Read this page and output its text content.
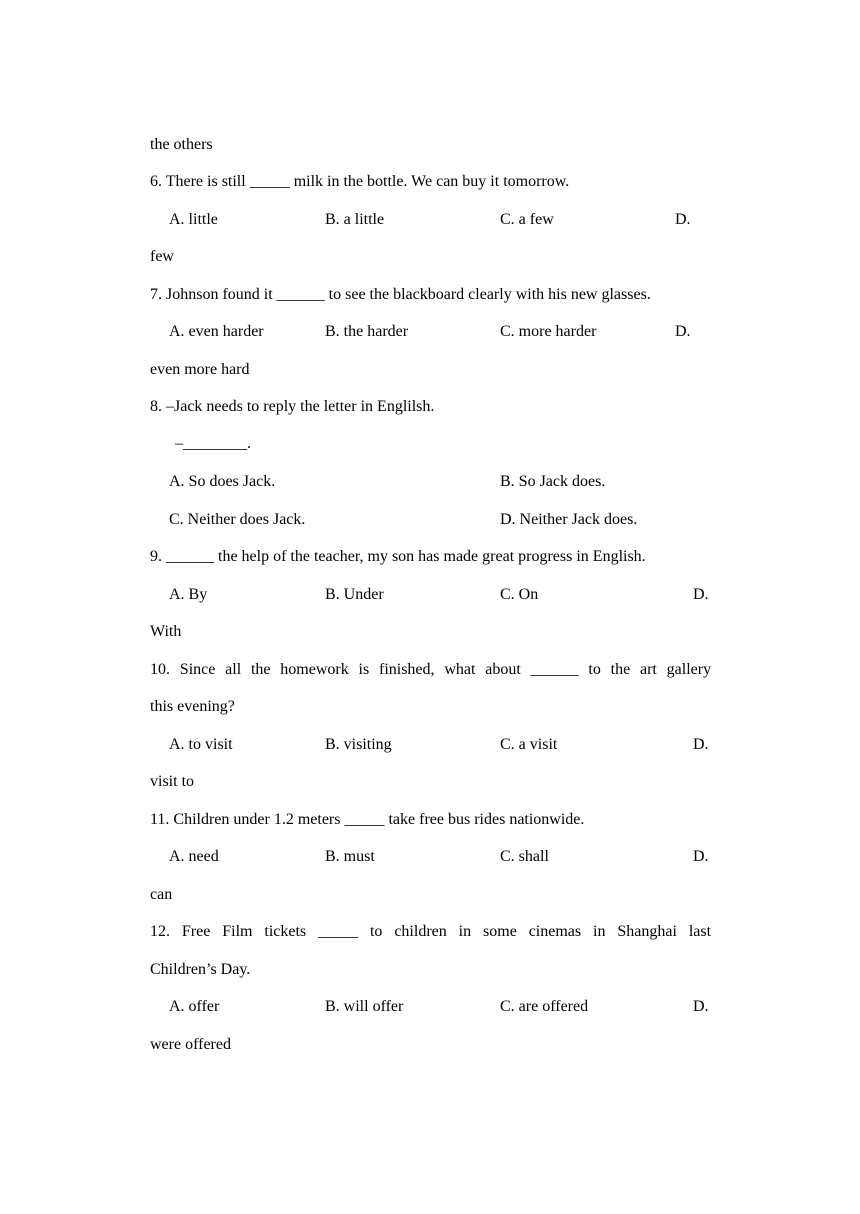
the others
6. There is still _____ milk in the bottle. We can buy it tomorrow.
A. little	B. a little	C. a few	D.
few
7. Johnson found it ______ to see the blackboard clearly with his new glasses.
A. even harder	B. the harder	C. more harder	D.
even more hard
8. –Jack needs to reply the letter in Englilsh.
–________.
A. So does Jack.	B. So Jack does.
C. Neither does Jack.	D. Neither Jack does.
9. ______ the help of the teacher, my son has made great progress in English.
A. By	B. Under	C. On	D.
With
10. Since all the homework is finished, what about ______ to the art gallery
this evening?
A. to visit	B. visiting	C. a visit	D.
visit to
11. Children under 1.2 meters _____ take free bus rides nationwide.
A. need	B. must	C. shall	D.
can
12. Free Film tickets _____ to children in some cinemas in Shanghai last
Children’s Day.
A. offer	B. will offer	C. are offered	D.
were offered
